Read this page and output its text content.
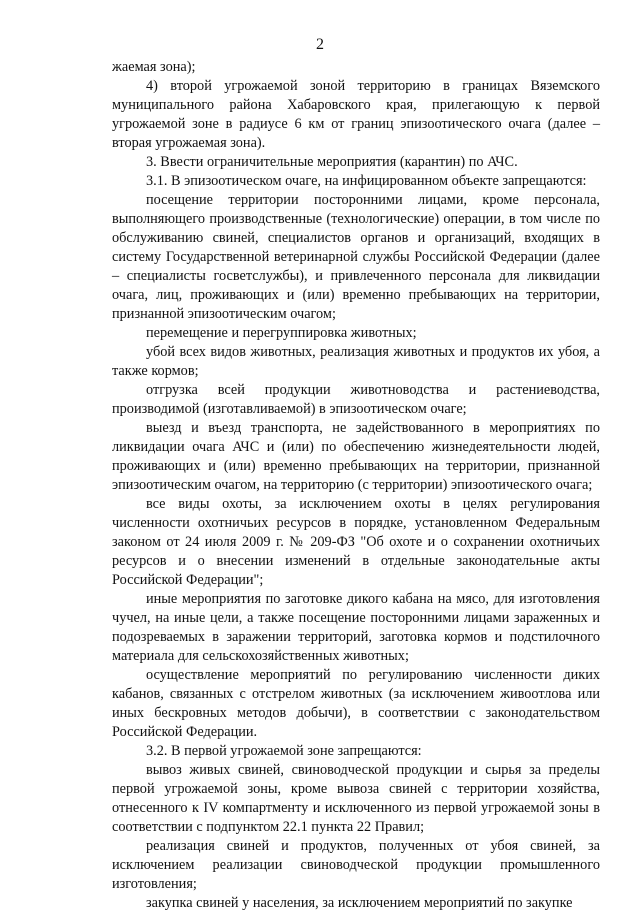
2

жаемая зона);

4) второй угрожаемой зоной территорию в границах Вяземского муниципального района Хабаровского края, прилегающую к первой угрожаемой зоне в радиусе 6 км от границ эпизоотического очага (далее – вторая угрожаемая зона).

3. Ввести ограничительные мероприятия (карантин) по АЧС.

3.1. В эпизоотическом очаге, на инфицированном объекте запрещаются:

посещение территории посторонними лицами, кроме персонала, выполняющего производственные (технологические) операции, в том числе по обслуживанию свиней, специалистов органов и организаций, входящих в систему Государственной ветеринарной службы Российской Федерации (далее – специалисты госветслужбы), и привлеченного персонала для ликвидации очага, лиц, проживающих и (или) временно пребывающих на территории, признанной эпизоотическим очагом;

перемещение и перегруппировка животных;

убой всех видов животных, реализация животных и продуктов их убоя, а также кормов;

отгрузка всей продукции животноводства и растениеводства, производимой (изготавливаемой) в эпизоотическом очаге;

выезд и въезд транспорта, не задействованного в мероприятиях по ликвидации очага АЧС и (или) по обеспечению жизнедеятельности людей, проживающих и (или) временно пребывающих на территории, признанной эпизоотическим очагом, на территорию (с территории) эпизоотического очага;

все виды охоты, за исключением охоты в целях регулирования численности охотничьих ресурсов в порядке, установленном Федеральным законом от 24 июля 2009 г. № 209-ФЗ "Об охоте и о сохранении охотничьих ресурсов и о внесении изменений в отдельные законодательные акты Российской Федерации";

иные мероприятия по заготовке дикого кабана на мясо, для изготовления чучел, на иные цели, а также посещение посторонними лицами зараженных и подозреваемых в заражении территорий, заготовка кормов и подстилочного материала для сельскохозяйственных животных;

осуществление мероприятий по регулированию численности диких кабанов, связанных с отстрелом животных (за исключением живоотлова или иных бескровных методов добычи), в соответствии с законодательством Российской Федерации.

3.2. В первой угрожаемой зоне запрещаются:

вывоз живых свиней, свиноводческой продукции и сырья за пределы первой угрожаемой зоны, кроме вывоза свиней с территории хозяйства, отнесенного к IV компартменту и исключенного из первой угрожаемой зоны в соответствии с подпунктом 22.1 пункта 22 Правил;

реализация свиней и продуктов, полученных от убоя свиней, за исключением реализации свиноводческой продукции промышленного изготовления;

закупка свиней у населения, за исключением мероприятий по закупке
